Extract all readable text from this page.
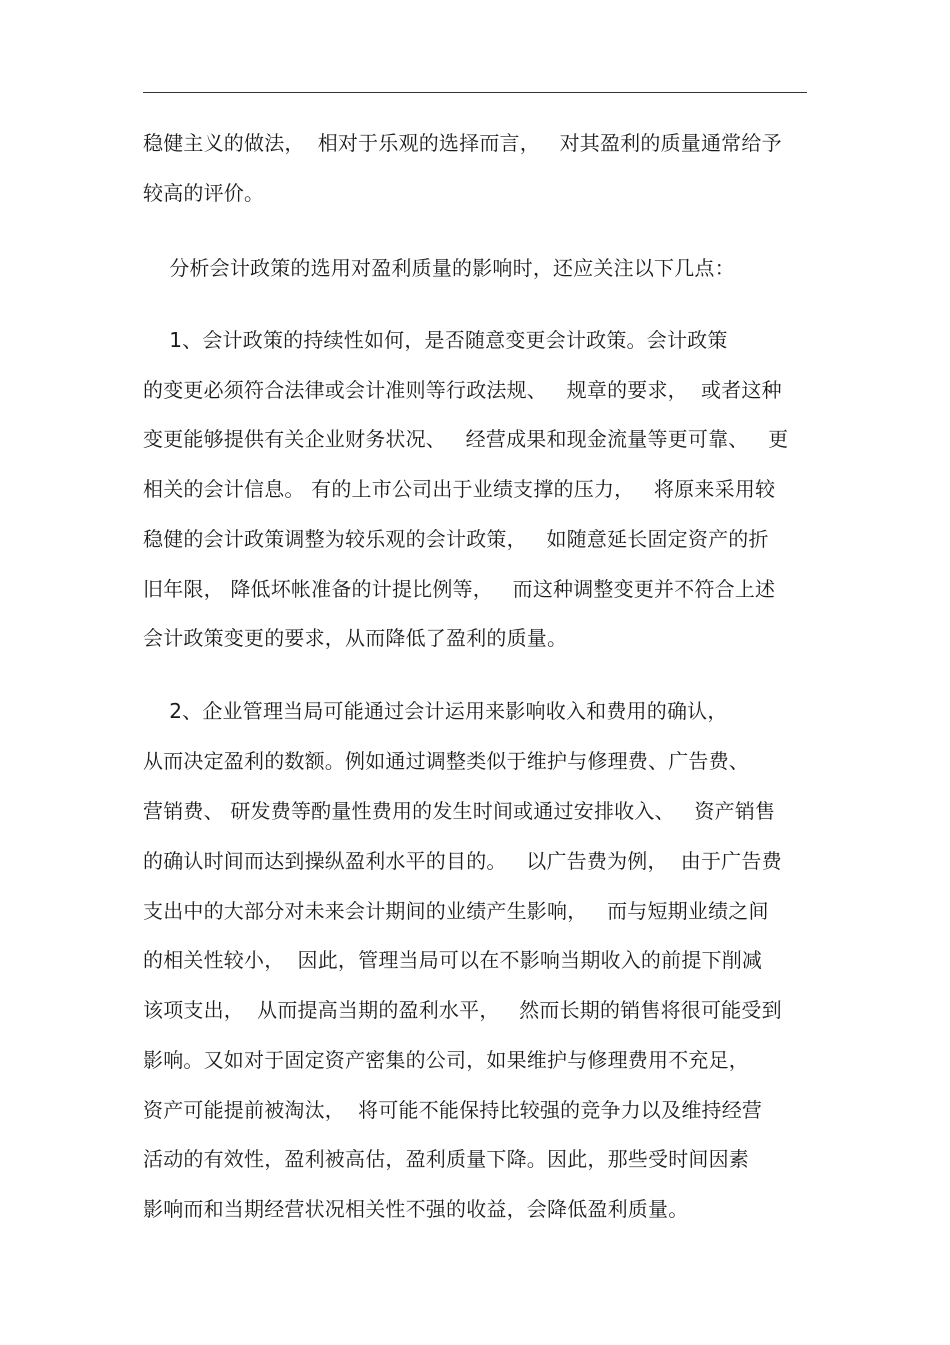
稳健主义的做法，  相对于乐观的选择而言，   对其盈利的质量通常给予
较高的评价。
分析会计政策的选用对盈利质量的影响时，还应关注以下几点：
1、会计政策的持续性如何，是否随意变更会计政策。会计政策
的变更必须符合法律或会计准则等行政法规、   规章的要求，  或者这种
变更能够提供有关企业财务状况、   经营成果和现金流量等更可靠、   更
相关的会计信息。 有的上市公司出于业绩支撑的压力，   将原来采用较
稳健的会计政策调整为较乐观的会计政策，   如随意延长固定资产的折
旧年限， 降低坏帐准备的计提比例等，   而这种调整变更并不符合上述
会计政策变更的要求，从而降低了盈利的质量。
2、企业管理当局可能通过会计运用来影响收入和费用的确认，
从而决定盈利的数额。例如通过调整类似于维护与修理费、广告费、
营销费、 研发费等酌量性费用的发生时间或通过安排收入、   资产销售
的确认时间而达到操纵盈利水平的目的。   以广告费为例，  由于广告费
支出中的大部分对未来会计期间的业绩产生影响，   而与短期业绩之间
的相关性较小，  因此，管理当局可以在不影响当期收入的前提下削减
该项支出，  从而提高当期的盈利水平，   然而长期的销售将很可能受到
影响。又如对于固定资产密集的公司，如果维护与修理费用不充足，
资产可能提前被淘汰，  将可能不能保持比较强的竞争力以及维持经营
活动的有效性，盈利被高估，盈利质量下降。因此，那些受时间因素
影响而和当期经营状况相关性不强的收益，会降低盈利质量。
